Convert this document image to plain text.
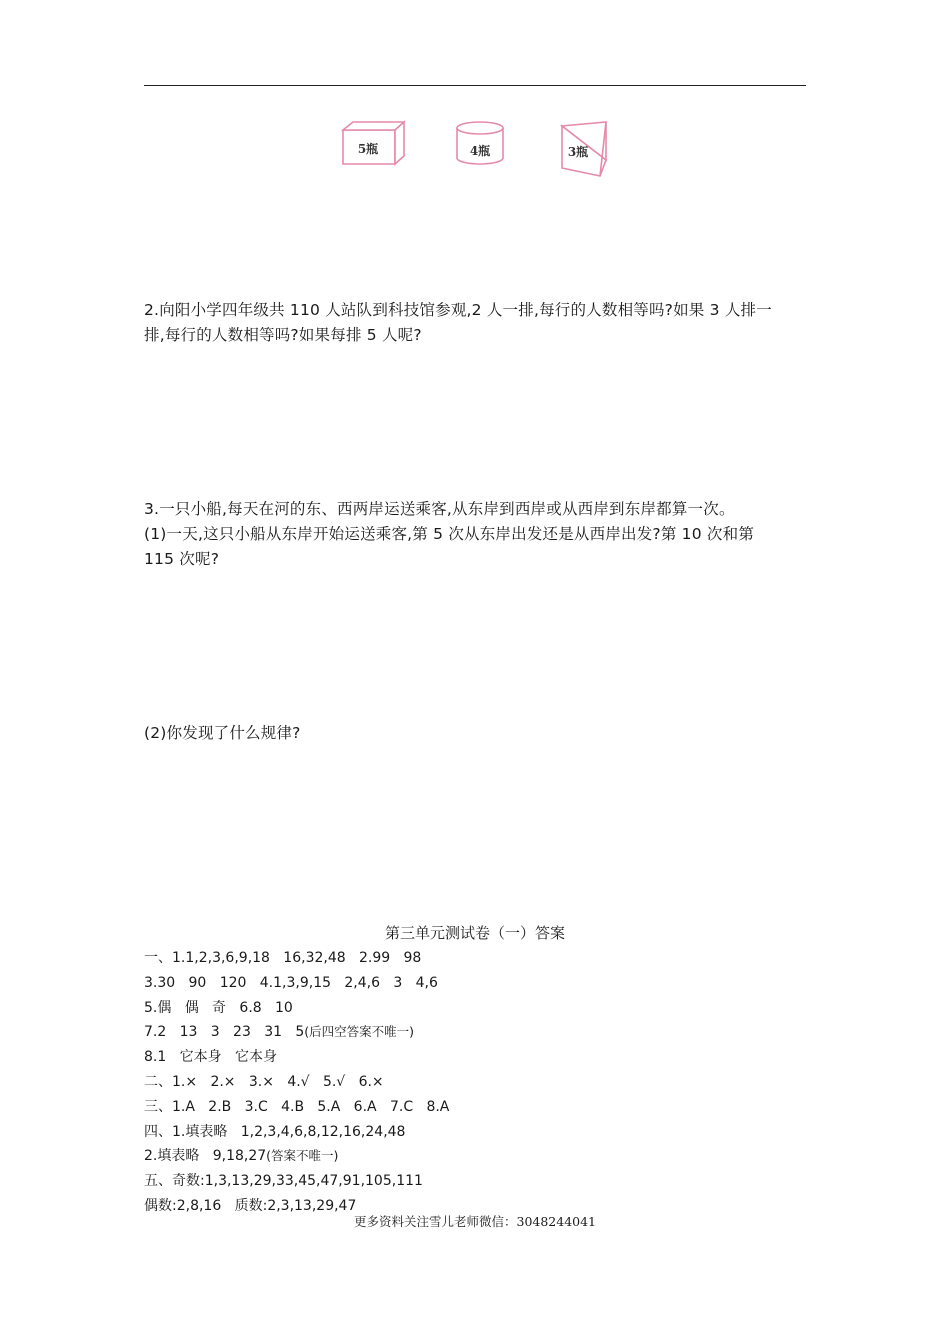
5瓶	4瓶	3瓶

2.向阳小学四年级共 110 人站队到科技馆参观,2 人一排,每行的人数相等吗?如果 3 人排一

排,每行的人数相等吗?如果每排 5 人呢?

3.一只小船,每天在河的东、西两岸运送乘客,从东岸到西岸或从西岸到东岸都算一次。

(1)一天,这只小船从东岸开始运送乘客,第 5 次从东岸出发还是从西岸出发?第 10 次和第

115 次呢?

(2)你发现了什么规律?

第三单元测试卷（一）答案
一、1.1,2,3,6,9,18   16,32,48   2.99   98
3.30   90   120   4.1,3,9,15   2,4,6   3   4,6
5.偶   偶   奇   6.8   10
7.2   13   3   23   31   5(后四空答案不唯一)
8.1   它本身   它本身
二、1.×   2.×   3.×   4.√   5.√   6.×
三、1.A   2.B   3.C   4.B   5.A   6.A   7.C   8.A
四、1.填表略   1,2,3,4,6,8,12,16,24,48
2.填表略   9,18,27(答案不唯一)
五、奇数:1,3,13,29,33,45,47,91,105,111
偶数:2,8,16   质数:2,3,13,29,47
更多资料关注雪儿老师微信：3048244041
